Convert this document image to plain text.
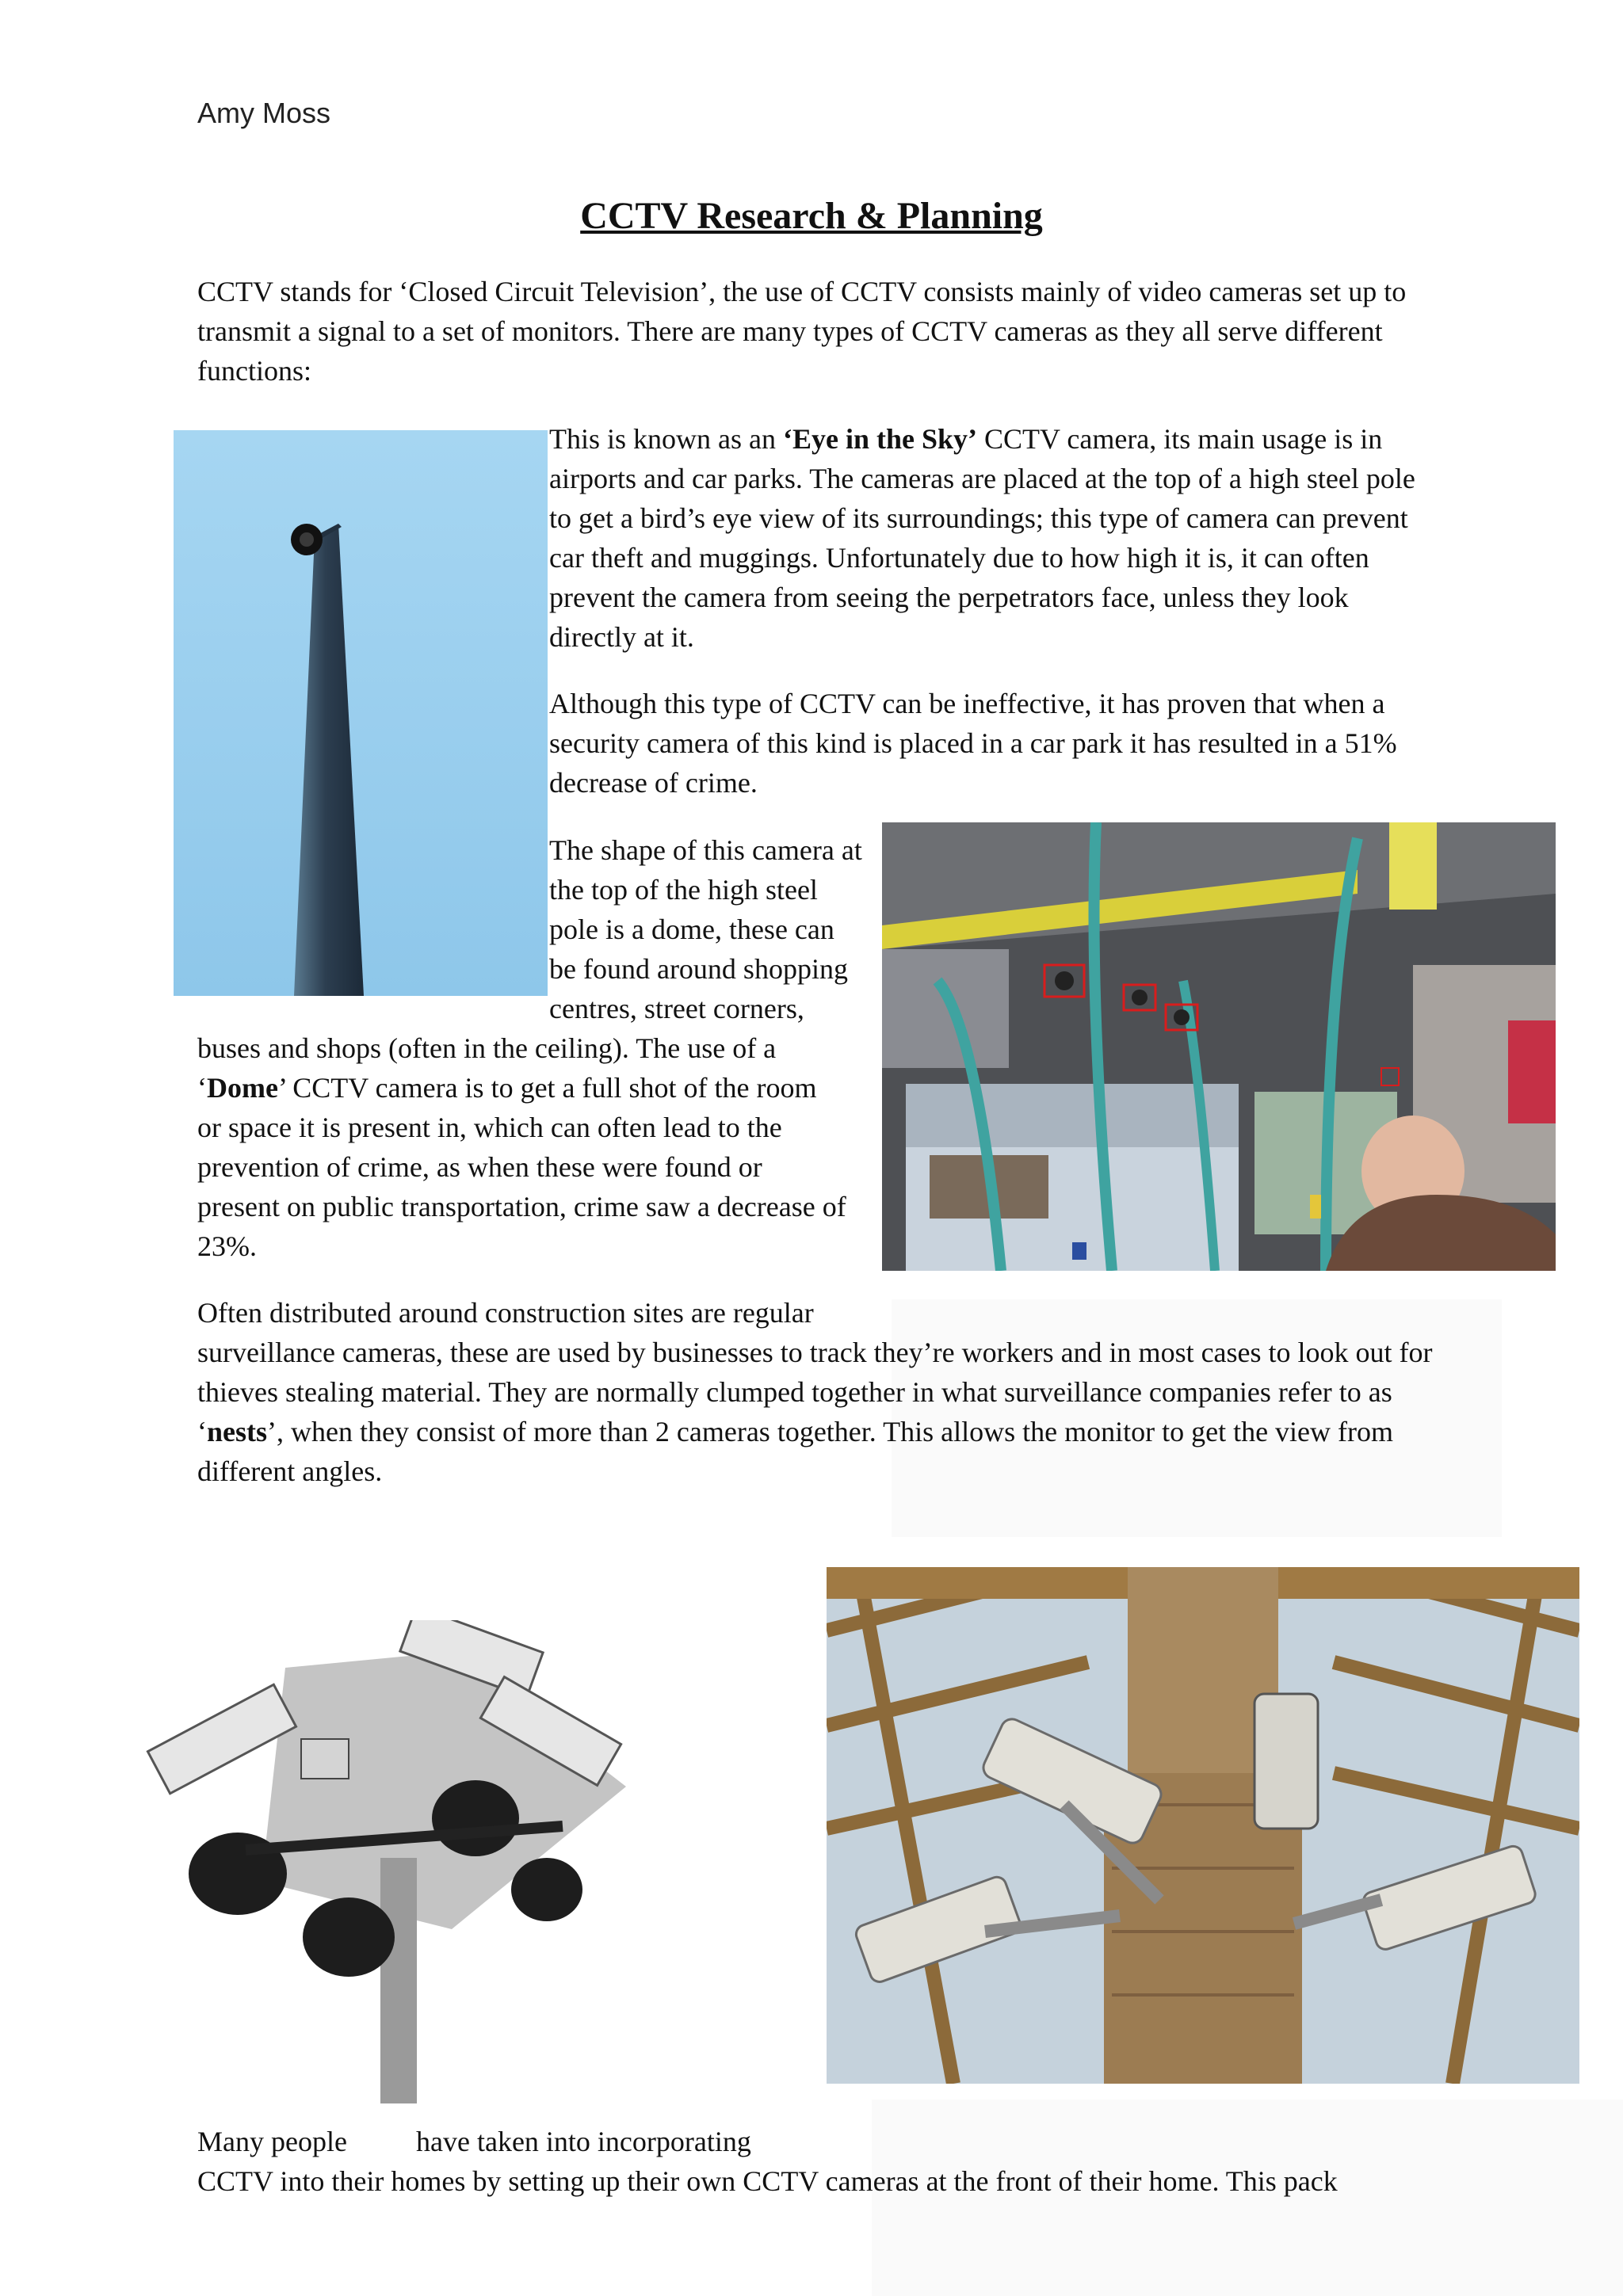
Amy Moss
CCTV Research & Planning

CCTV stands for ‘Closed Circuit Television’, the use of CCTV consists mainly of video cameras set up to transmit a signal to a set of monitors. There are many types of CCTV cameras as they all serve different functions:

This is known as an ‘Eye in the Sky’ CCTV camera, its main usage is in airports and car parks. The cameras are placed at the top of a high steel pole to get a bird’s eye view of its surroundings; this type of camera can prevent car theft and muggings. Unfortunately due to how high it is, it can often prevent the camera from seeing the perpetrators face, unless they look directly at it.

Although this type of CCTV can be ineffective, it has proven that when a security camera of this kind is placed in a car park it has resulted in a 51% decrease of crime.

The shape of this camera at
the top of the high steel
pole is a dome, these can
be found around shopping
centres, street corners,
buses and shops (often in the ceiling). The use of a
‘Dome’ CCTV camera is to get a full shot of the room
or space it is present in, which can often lead to the
prevention of crime, as when these were found or
present on public transportation, crime saw a decrease of
23%.
Often distributed around construction sites are regular

surveillance cameras, these are used by businesses to track they’re workers and in most cases to look out for thieves stealing material. They are normally clumped together in what surveillance companies refer to as ‘nests’, when they consist of more than 2 cameras together. This allows the monitor to get the view from different angles.

Many people have taken into incorporating
CCTV into their homes by setting up their own CCTV cameras at the front of their home. This pack
